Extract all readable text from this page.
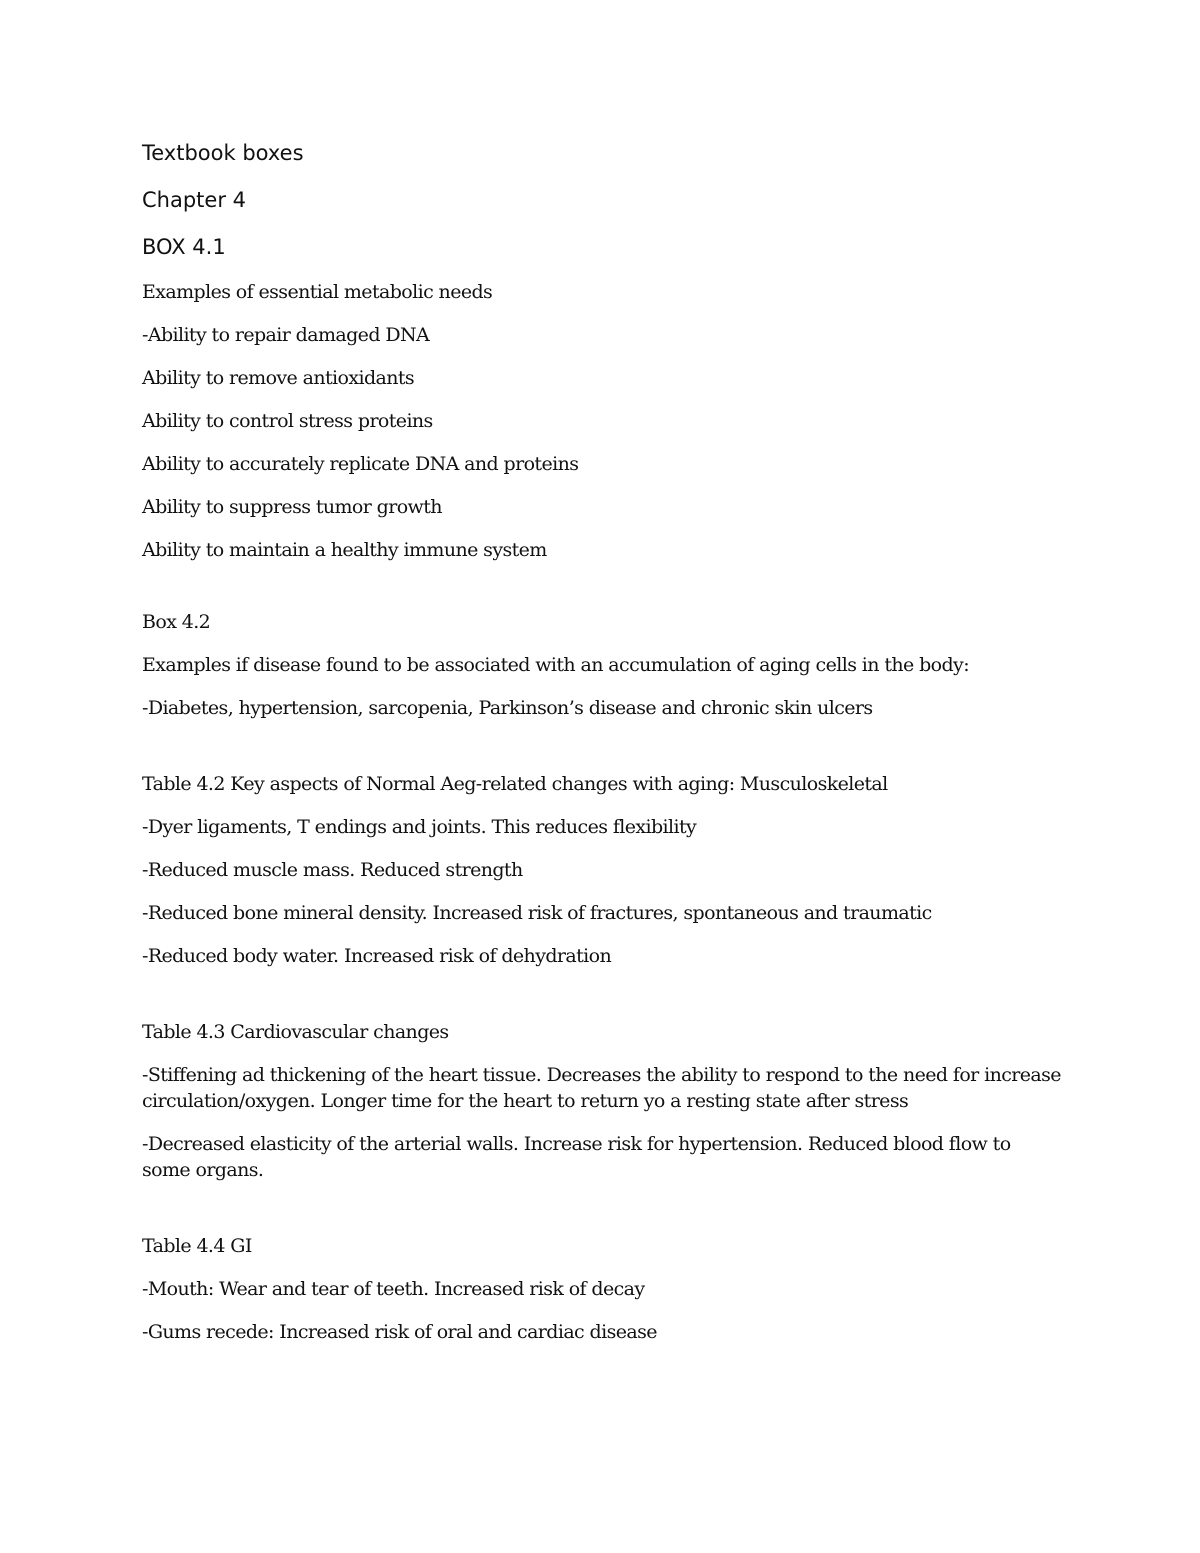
Textbook boxes
Chapter 4
BOX 4.1
Examples of essential metabolic needs
-Ability to repair damaged DNA
Ability to remove antioxidants
Ability to control stress proteins
Ability to accurately replicate DNA and proteins
Ability to suppress tumor growth
Ability to maintain a healthy immune system
Box 4.2
Examples if disease found to be associated with an accumulation of aging cells in the body:
-Diabetes, hypertension, sarcopenia, Parkinson’s disease and chronic skin ulcers
Table 4.2 Key aspects of Normal Aeg-related changes with aging: Musculoskeletal
-Dyer ligaments, T endings and joints. This reduces flexibility
-Reduced muscle mass. Reduced strength
-Reduced bone mineral density. Increased risk of fractures, spontaneous and traumatic
-Reduced body water. Increased risk of dehydration
Table 4.3 Cardiovascular changes
-Stiffening ad thickening of the heart tissue. Decreases the ability to respond to the need for increase circulation/oxygen. Longer time for the heart to return yo a resting state after stress
-Decreased elasticity of the arterial walls. Increase risk for hypertension. Reduced blood flow to some organs.
Table 4.4 GI
-Mouth: Wear and tear of teeth. Increased risk of decay
-Gums recede: Increased risk of oral and cardiac disease
